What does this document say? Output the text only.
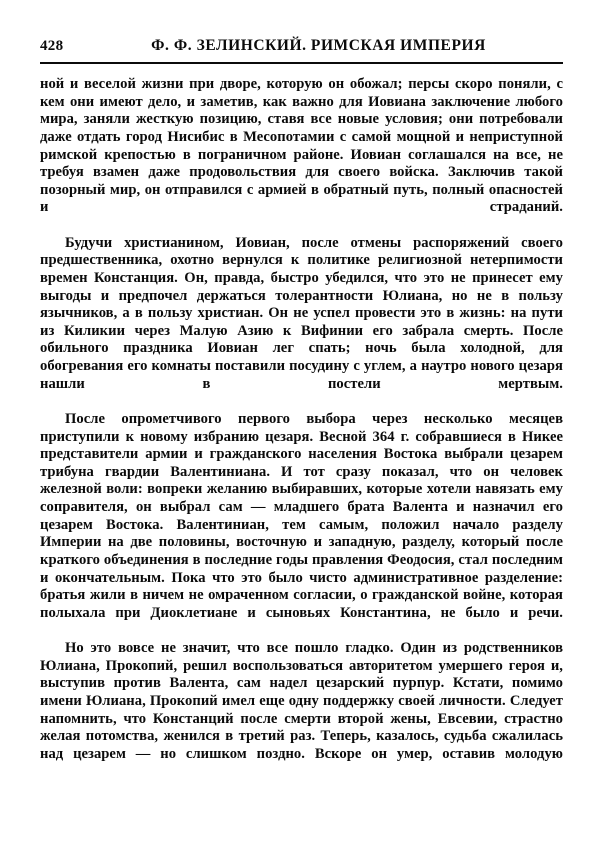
428	Ф. Ф. ЗЕЛИНСКИЙ. РИМСКАЯ ИМПЕРИЯ

ной и веселой жизни при дворе, которую он обожал; персы скоро поняли, с кем они имеют дело, и заметив, как важно для Иовиана заключение любого мира, заняли жесткую позицию, ставя все новые условия; они потребовали даже отдать город Нисибис в Месопотамии с самой мощной и неприступной римской крепостью в пограничном районе. Иовиан соглашался на все, не требуя взамен даже продовольствия для своего войска. Заключив такой позорный мир, он отправился с армией в обратный путь, полный опасностей и страданий.

Будучи христианином, Иовиан, после отмены распоряжений своего предшественника, охотно вернулся к политике религиозной нетерпимости времен Констанция. Он, правда, быстро убедился, что это не принесет ему выгоды и предпочел держаться толерантности Юлиана, но не в пользу язычников, а в пользу христиан. Он не успел провести это в жизнь: на пути из Киликии через Малую Азию к Вифинии его забрала смерть. После обильного праздника Иовиан лег спать; ночь была холодной, для обогревания его комнаты поставили посудину с углем, а наутро нового цезаря нашли в постели мертвым.

После опрометчивого первого выбора через несколько месяцев приступили к новому избранию цезаря. Весной 364 г. собравшиеся в Никее представители армии и гражданского населения Востока выбрали цезарем трибуна гвардии Валентиниана. И тот сразу показал, что он человек железной воли: вопреки желанию выбиравших, которые хотели навязать ему соправителя, он выбрал сам — младшего брата Валента и назначил его цезарем Востока. Валентиниан, тем самым, положил начало разделу Империи на две половины, восточную и западную, разделу, который после краткого объединения в последние годы правления Феодосия, стал последним и окончательным. Пока что это было чисто административное разделение: братья жили в ничем не омраченном согласии, о гражданской войне, которая полыхала при Диоклетиане и сыновьях Константина, не было и речи.

Но это вовсе не значит, что все пошло гладко. Один из родственников Юлиана, Прокопий, решил воспользоваться авторитетом умершего героя и, выступив против Валента, сам надел цезарский пурпур. Кстати, помимо имени Юлиана, Прокопий имел еще одну поддержку своей личности. Следует напомнить, что Констанций после смерти второй жены, Евсевии, страстно желая потомства, женился в третий раз. Теперь, казалось, судьба сжалилась над цезарем — но слишком поздно. Вскоре он умер, оставив молодую
